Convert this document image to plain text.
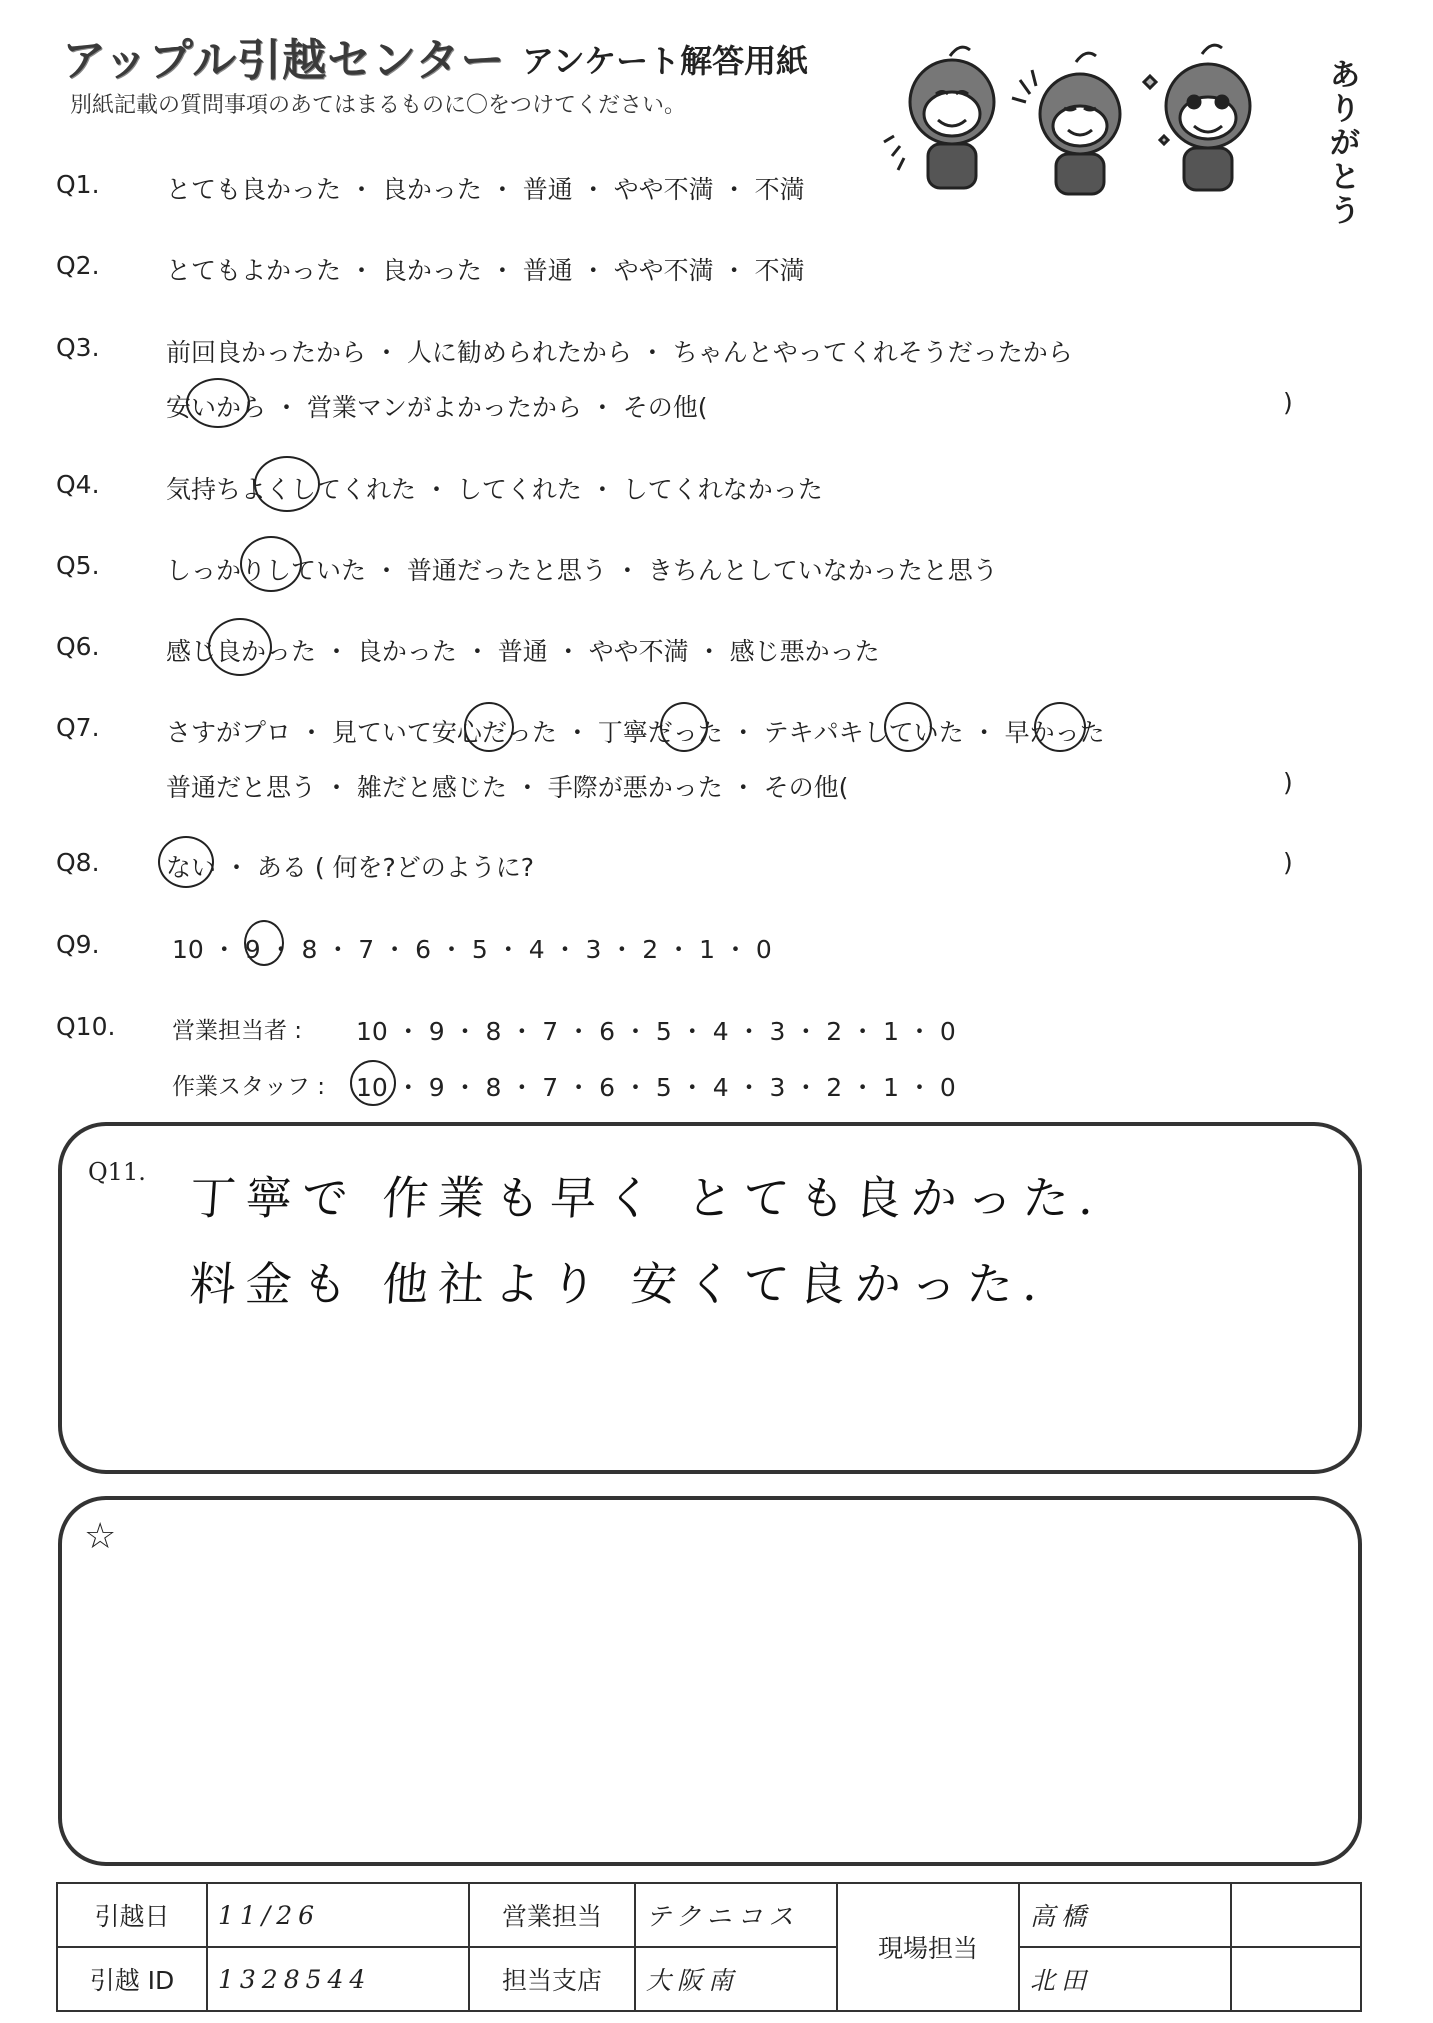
アップル引越センター アンケート解答用紙
別紙記載の質問事項のあてはまるものに〇をつけてください。
あ
り
が
と
う
Q1.	とても良かった ・ 良かった ・ 普通 ・ やや不満 ・ 不満
Q2.	とてもよかった ・ 良かった ・ 普通 ・ やや不満 ・ 不満
Q3.	前回良かったから ・ 人に勧められたから ・ ちゃんとやってくれそうだったから
安いから ・ 営業マンがよかったから ・ その他(	)
Q4.	気持ちよくしてくれた ・ してくれた ・ してくれなかった
Q5.	しっかりしていた ・ 普通だったと思う ・ きちんとしていなかったと思う
Q6.	感じ良かった ・ 良かった ・ 普通 ・ やや不満 ・ 感じ悪かった
Q7.	さすがプロ ・ 見ていて安心だった ・ 丁寧だった ・ テキパキしていた ・ 早かった
普通だと思う ・ 雑だと感じた ・ 手際が悪かった ・ その他(	)
Q8.	ない ・ ある ( 何を?どのように?	)
Q9.	10 ・ 9 ・ 8 ・ 7 ・ 6 ・ 5 ・ 4 ・ 3 ・ 2 ・ 1 ・ 0
Q10. 営業担当者 : 10 ・ 9 ・ 8 ・ 7 ・ 6 ・ 5 ・ 4 ・ 3 ・ 2 ・ 1 ・ 0
作業スタッフ : 10 ・ 9 ・ 8 ・ 7 ・ 6 ・ 5 ・ 4 ・ 3 ・ 2 ・ 1 ・ 0
Q11. 丁寧で 作業も早く とても良かった.
料金も 他社より 安くて良かった.
☆
引越日	11/26	営業担当	テクニコス	現場担当	高橋	
引越 ID	1328544	担当支店	大阪南		北田	
